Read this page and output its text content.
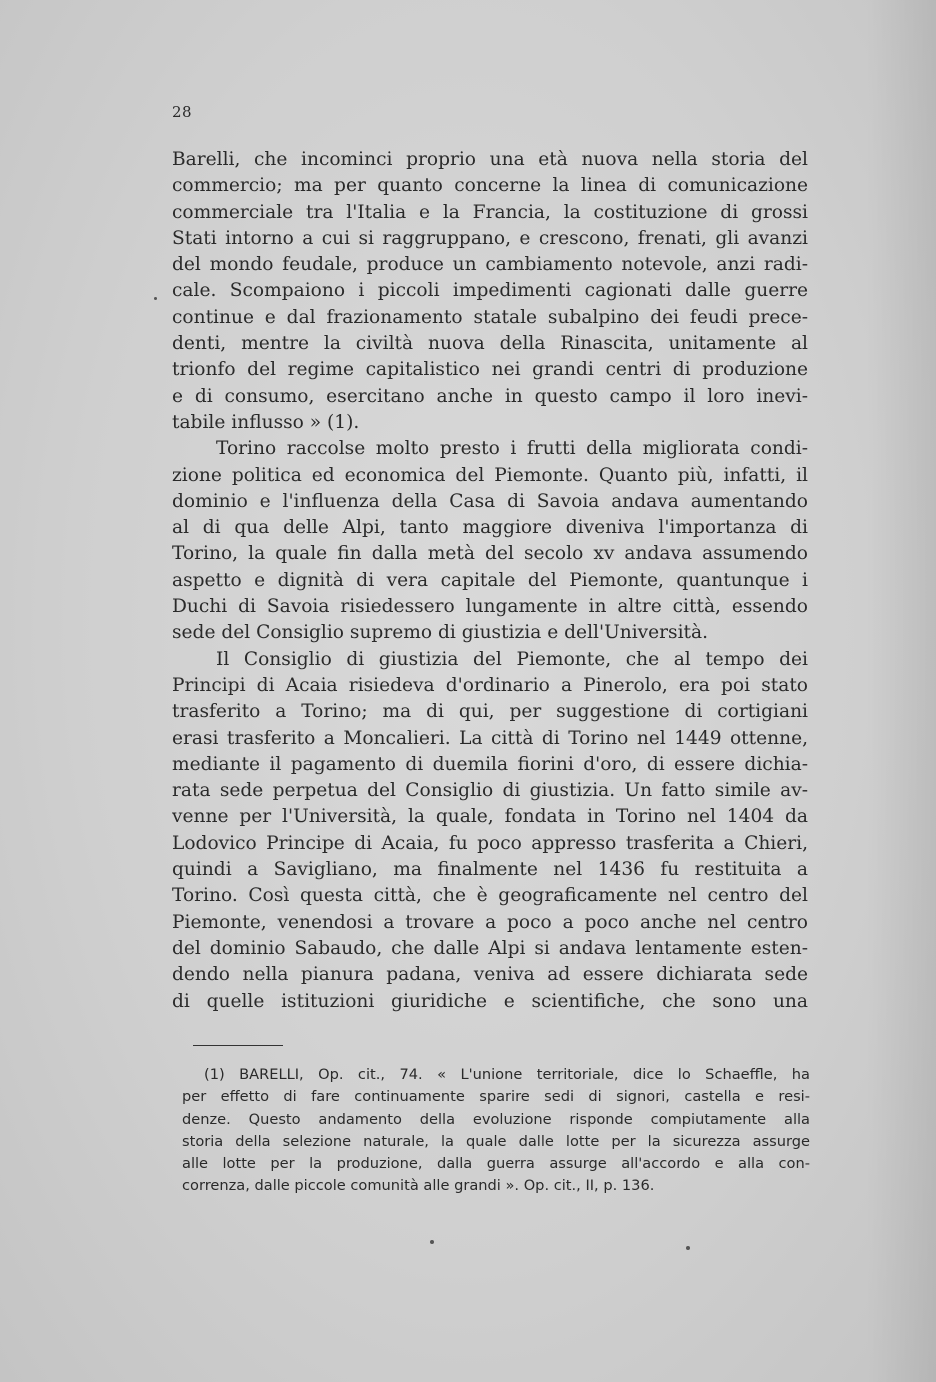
28
Barelli, che incominci proprio una età nuova nella storia del
commercio; ma per quanto concerne la linea di comunicazione
commerciale tra l'Italia e la Francia, la costituzione di grossi
Stati intorno a cui si raggruppano, e crescono, frenati, gli avanzi
del mondo feudale, produce un cambiamento notevole, anzi radi-
cale. Scompaiono i piccoli impedimenti cagionati dalle guerre
continue e dal frazionamento statale subalpino dei feudi prece-
denti, mentre la civiltà nuova della Rinascita, unitamente al
trionfo del regime capitalistico nei grandi centri di produzione
e di consumo, esercitano anche in questo campo il loro inevi-
tabile influsso » (1).
Torino raccolse molto presto i frutti della migliorata condi-
zione politica ed economica del Piemonte. Quanto più, infatti, il
dominio e l'influenza della Casa di Savoia andava aumentando
al di qua delle Alpi, tanto maggiore diveniva l'importanza di
Torino, la quale fin dalla metà del secolo xv andava assumendo
aspetto e dignità di vera capitale del Piemonte, quantunque i
Duchi di Savoia risiedessero lungamente in altre città, essendo
sede del Consiglio supremo di giustizia e dell'Università.
Il Consiglio di giustizia del Piemonte, che al tempo dei
Principi di Acaia risiedeva d'ordinario a Pinerolo, era poi stato
trasferito a Torino; ma di qui, per suggestione di cortigiani
erasi trasferito a Moncalieri. La città di Torino nel 1449 ottenne,
mediante il pagamento di duemila fiorini d'oro, di essere dichia-
rata sede perpetua del Consiglio di giustizia. Un fatto simile av-
venne per l'Università, la quale, fondata in Torino nel 1404 da
Lodovico Principe di Acaia, fu poco appresso trasferita a Chieri,
quindi a Savigliano, ma finalmente nel 1436 fu restituita a
Torino. Così questa città, che è geograficamente nel centro del
Piemonte, venendosi a trovare a poco a poco anche nel centro
del dominio Sabaudo, che dalle Alpi si andava lentamente esten-
dendo nella pianura padana, veniva ad essere dichiarata sede
di quelle istituzioni giuridiche e scientifiche, che sono una
(1) BARELLI, Op. cit., 74. « L'unione territoriale, dice lo Schaeffle, ha
per effetto di fare continuamente sparire sedi di signori, castella e resi-
denze. Questo andamento della evoluzione risponde compiutamente alla
storia della selezione naturale, la quale dalle lotte per la sicurezza assurge
alle lotte per la produzione, dalla guerra assurge all'accordo e alla con-
correnza, dalle piccole comunità alle grandi ». Op. cit., II, p. 136.
